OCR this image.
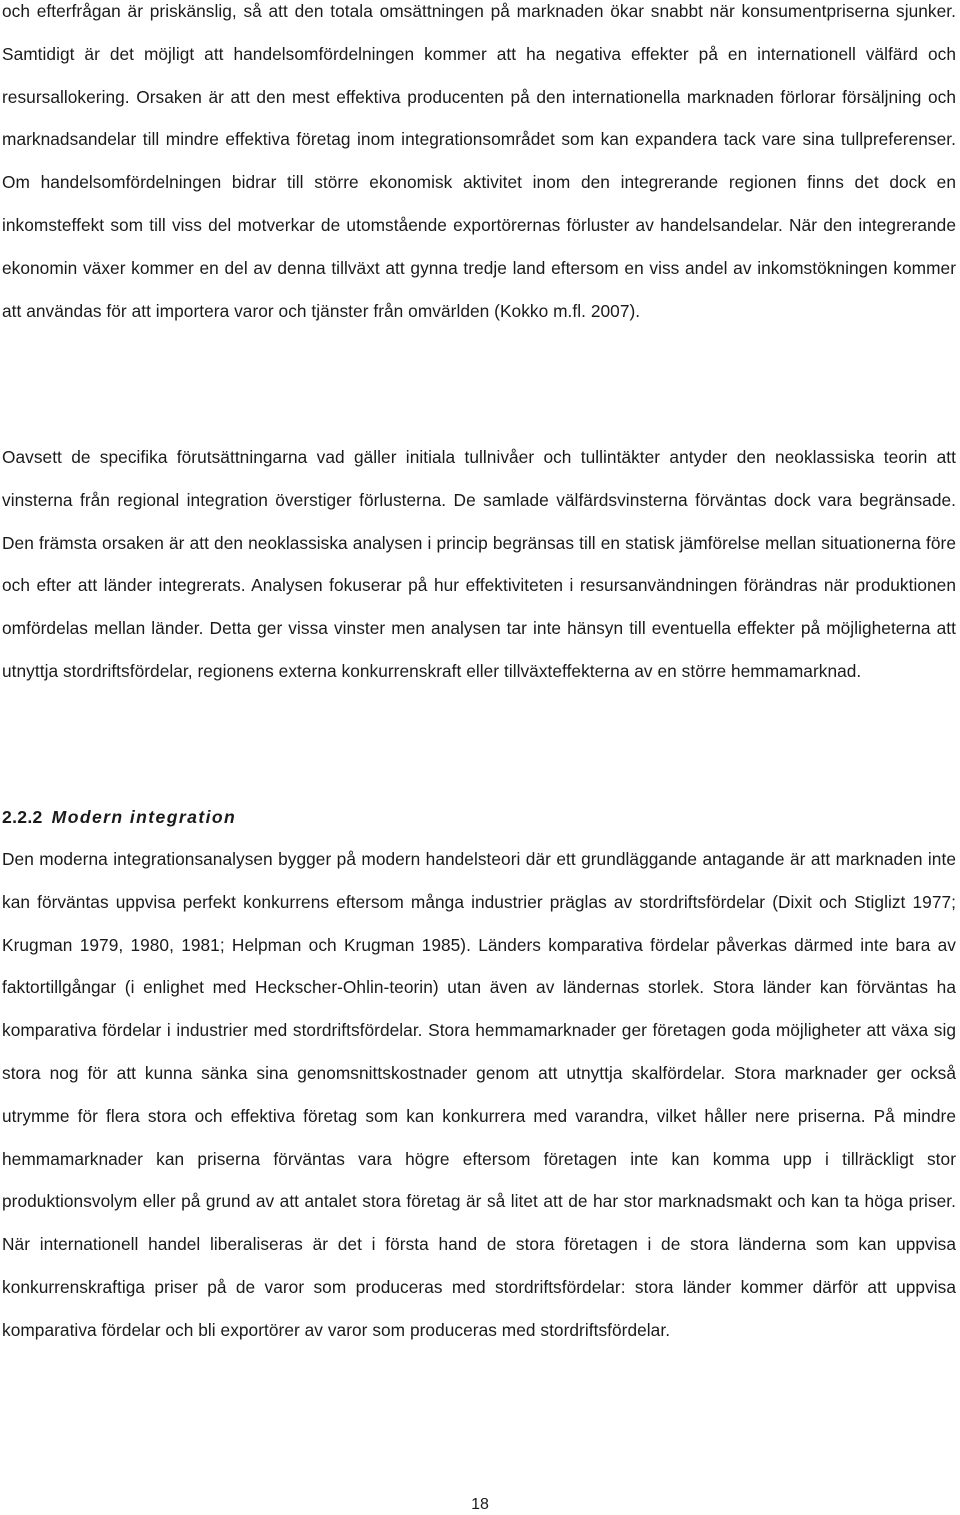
och efterfrågan är priskänslig, så att den totala omsättningen på marknaden ökar snabbt när konsumentpriserna sjunker. Samtidigt är det möjligt att handelsomfördelningen kommer att ha negativa effekter på en internationell välfärd och resursallokering. Orsaken är att den mest effektiva producenten på den internationella marknaden förlorar försäljning och marknadsandelar till mindre effektiva företag inom integrationsområdet som kan expandera tack vare sina tullpreferenser. Om handelsomfördelningen bidrar till större ekonomisk aktivitet inom den integrerande regionen finns det dock en inkomsteffekt som till viss del motverkar de utomstående exportörernas förluster av handelsandelar. När den integrerande ekonomin växer kommer en del av denna tillväxt att gynna tredje land eftersom en viss andel av inkomstökningen kommer att användas för att importera varor och tjänster från omvärlden (Kokko m.fl. 2007).

Oavsett de specifika förutsättningarna vad gäller initiala tullnivåer och tullintäkter antyder den neoklassiska teorin att vinsterna från regional integration överstiger förlusterna. De samlade välfärdsvinsterna förväntas dock vara begränsade. Den främsta orsaken är att den neoklassiska analysen i princip begränsas till en statisk jämförelse mellan situationerna före och efter att länder integrerats. Analysen fokuserar på hur effektiviteten i resursanvändningen förändras när produktionen omfördelas mellan länder. Detta ger vissa vinster men analysen tar inte hänsyn till eventuella effekter på möjligheterna att utnyttja stordriftsfördelar, regionens externa konkurrenskraft eller tillväxteffekterna av en större hemmamarknad.

2.2.2 Modern integration

Den moderna integrationsanalysen bygger på modern handelsteori där ett grundläggande antagande är att marknaden inte kan förväntas uppvisa perfekt konkurrens eftersom många industrier präglas av stordriftsfördelar (Dixit och Stiglizt 1977; Krugman 1979, 1980, 1981; Helpman och Krugman 1985). Länders komparativa fördelar påverkas därmed inte bara av faktortillgångar (i enlighet med Heckscher-Ohlin-teorin) utan även av ländernas storlek. Stora länder kan förväntas ha komparativa fördelar i industrier med stordriftsfördelar. Stora hemmamarknader ger företagen goda möjligheter att växa sig stora nog för att kunna sänka sina genomsnittskostnader genom att utnyttja skalfördelar. Stora marknader ger också utrymme för flera stora och effektiva företag som kan konkurrera med varandra, vilket håller nere priserna. På mindre hemmamarknader kan priserna förväntas vara högre eftersom företagen inte kan komma upp i tillräckligt stor produktionsvolym eller på grund av att antalet stora företag är så litet att de har stor marknadsmakt och kan ta höga priser. När internationell handel liberaliseras är det i första hand de stora företagen i de stora länderna som kan uppvisa konkurrenskraftiga priser på de varor som produceras med stordriftsfördelar: stora länder kommer därför att uppvisa komparativa fördelar och bli exportörer av varor som produceras med stordriftsfördelar.

18
